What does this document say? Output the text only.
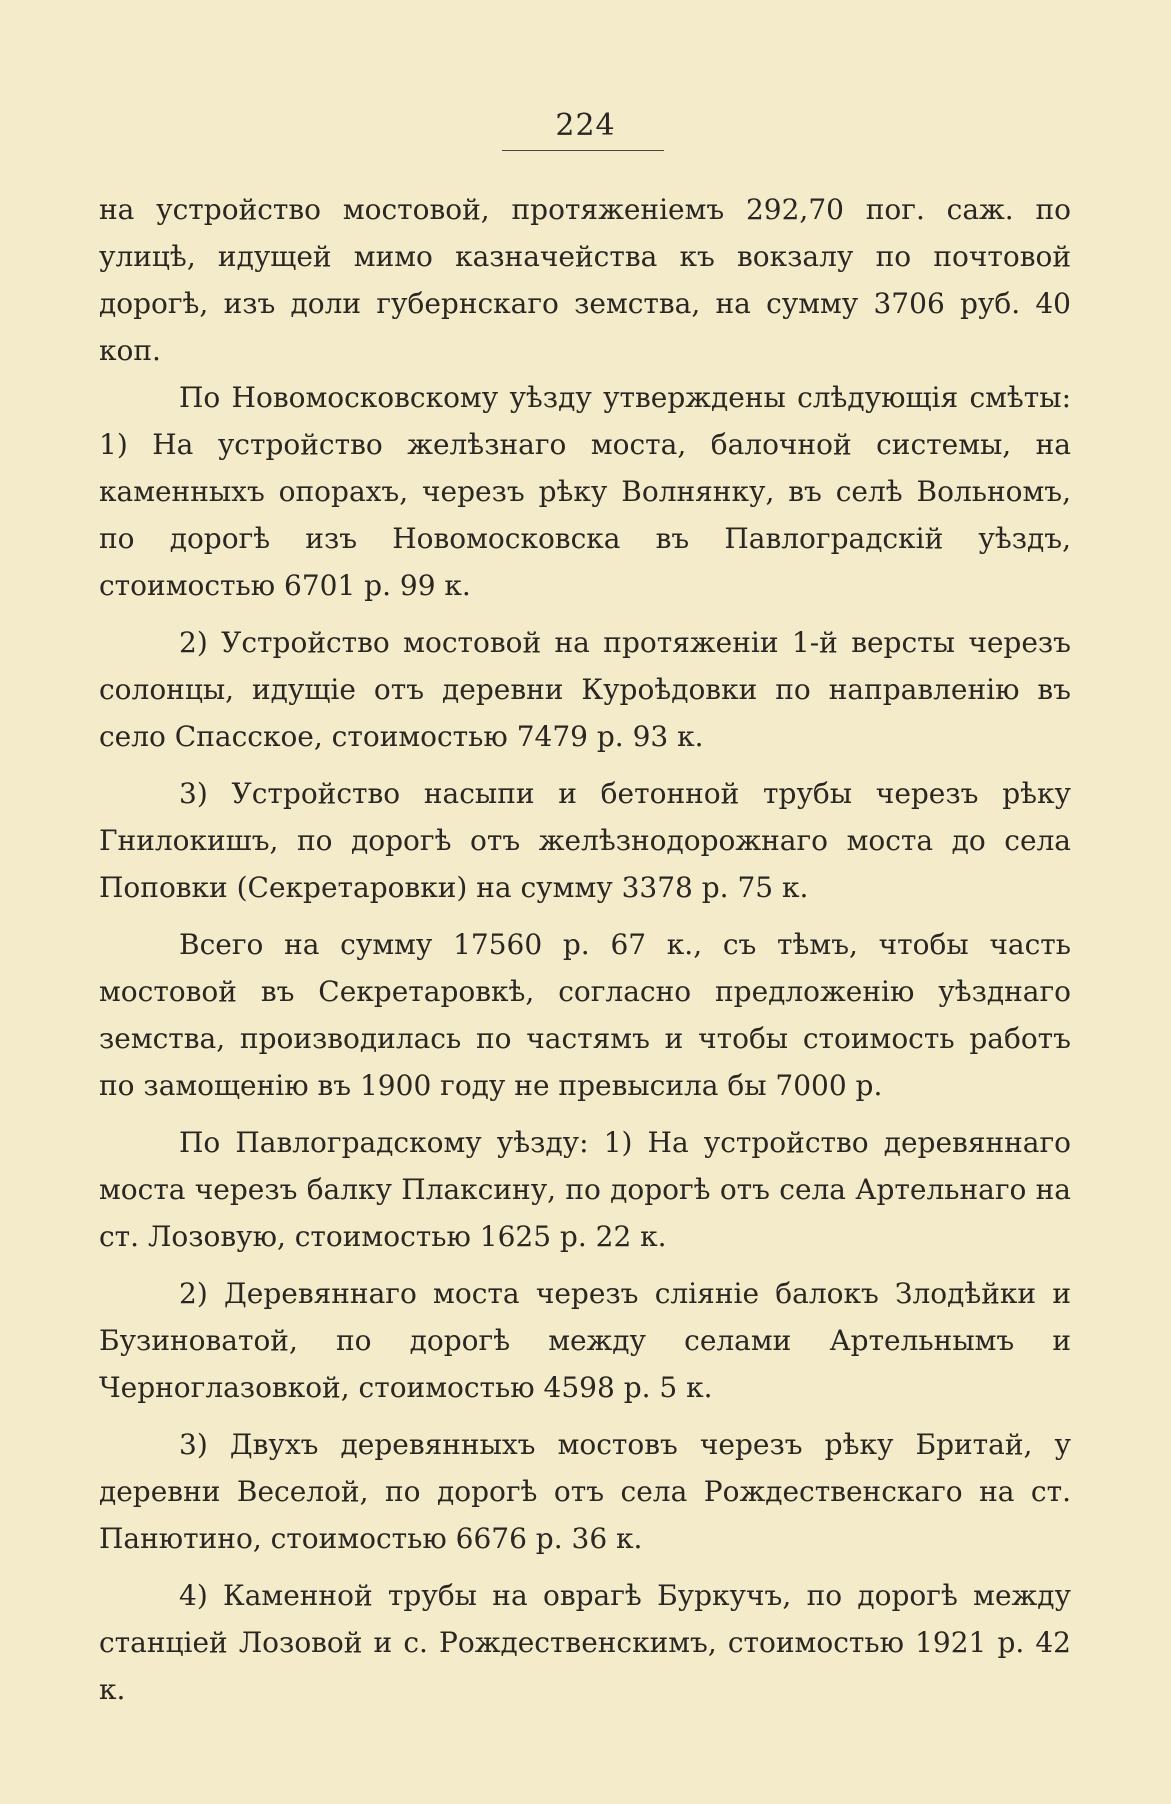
224

на устройство мостовой, протяженіемъ 292,70 пог. саж. по улицѣ, идущей мимо казначейства къ вокзалу по почтовой дорогѣ, изъ доли губернскаго земства, на сумму 3706 руб. 40 коп.

По Новомосковскому уѣзду утверждены слѣдующія смѣты: 1) На устройство желѣзнаго моста, балочной системы, на каменныхъ опорахъ, черезъ рѣку Волнянку, въ селѣ Вольномъ, по дорогѣ изъ Новомосковска въ Павлоградскій уѣздъ, стоимостью 6701 р. 99 к.

2) Устройство мостовой на протяженіи 1-й версты черезъ солонцы, идущіе отъ деревни Куроѣдовки по направленію въ село Спасское, стоимостью 7479 р. 93 к.

3) Устройство насыпи и бетонной трубы черезъ рѣку Гнилокишъ, по дорогѣ отъ желѣзнодорожнаго моста до села Поповки (Секретаровки) на сумму 3378 р. 75 к.

Всего на сумму 17560 р. 67 к., съ тѣмъ, чтобы часть мостовой въ Секретаровкѣ, согласно предложенію уѣзднаго земства, производилась по частямъ и чтобы стоимость работъ по замощенію въ 1900 году не превысила бы 7000 р.

По Павлоградскому уѣзду: 1) На устройство деревяннаго моста черезъ балку Плаксину, по дорогѣ отъ села Артельнаго на ст. Лозовую, стоимостью 1625 р. 22 к.

2) Деревяннаго моста черезъ сліяніе балокъ Злодѣйки и Бузиноватой, по дорогѣ между селами Артельнымъ и Черноглазовкой, стоимостью 4598 р. 5 к.

3) Двухъ деревянныхъ мостовъ черезъ рѣку Бритай, у деревни Веселой, по дорогѣ отъ села Рождественскаго на ст. Панютино, стоимостью 6676 р. 36 к.

4) Каменной трубы на оврагѣ Буркучъ, по дорогѣ между станціей Лозовой и с. Рождественскимъ, стоимостью 1921 р. 42 к.
